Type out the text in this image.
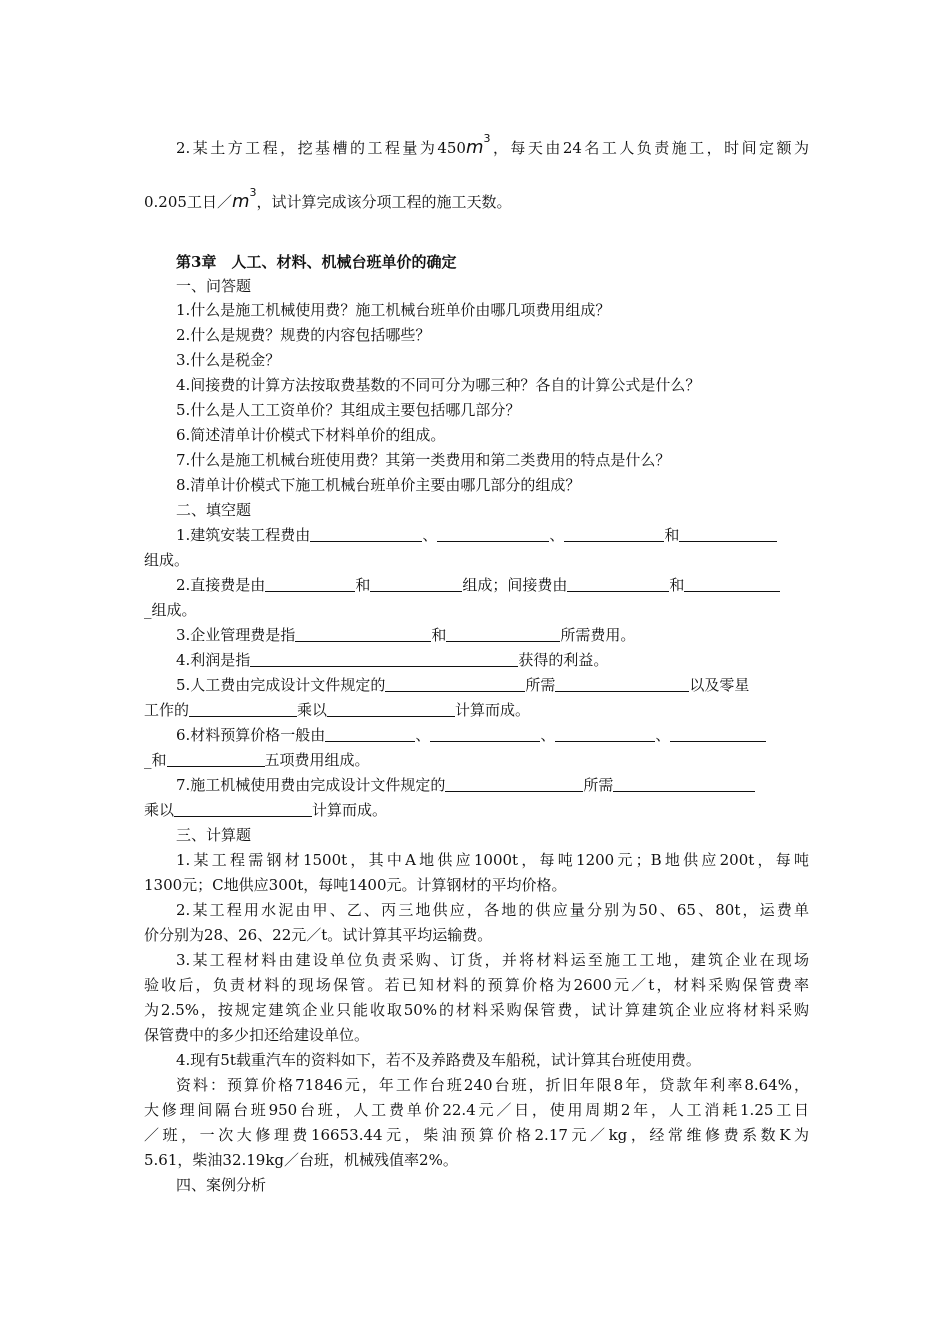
2.某土方工程，挖基槽的工程量为$450m^3$，每天由24名工人负责施工，时间定额为
0.205工日$/m^3$，试计算完成该分项工程的施工天数。
第3章　人工、材料、机械台班单价的确定
一、问答题
1.什么是施工机械使用费？施工机械台班单价由哪几项费用组成？
2.什么是规费？规费的内容包括哪些？
3.什么是税金？
4.间接费的计算方法按取费基数的不同可分为哪三种？各自的计算公式是什么？
5.什么是人工工资单价？其组成主要包括哪几部分？
6.简述清单计价模式下材料单价的组成。
7.什么是施工机械台班使用费？其第一类费用和第二类费用的特点是什么？
8.清单计价模式下施工机械台班单价主要由哪几部分的组成？
二、填空题
1.建筑安装工程费由	、	、	和
组成。
2.直接费是由	和	组成；间接费由	和
_组成。
3.企业管理费是指	和	所需费用。
4.利润是指	获得的利益。
5.人工费由完成设计文件规定的	所需	以及零星
工作的	乘以	计算而成。
6.材料预算价格一般由	、	、	、
_和	五项费用组成。
7.施工机械使用费由完成设计文件规定的	所需
乘以	计算而成。
三、计算题
1.某工程需钢材1500t，其中A地供应1000t，每吨1200元；B地供应200t，每吨
1300元；C地供应300t，每吨1400元。计算钢材的平均价格。
2.某工程用水泥由甲、乙、丙三地供应，各地的供应量分别为50、65、80t，运费单
价分别为28、26、22元／t。试计算其平均运输费。
3.某工程材料由建设单位负责采购、订货，并将材料运至施工工地，建筑企业在现场
验收后，负责材料的现场保管。若已知材料的预算价格为2600元／t，材料采购保管费率
为2.5%，按规定建筑企业只能收取50%的材料采购保管费，试计算建筑企业应将材料采购
保管费中的多少扣还给建设单位。
4.现有5t载重汽车的资料如下，若不及养路费及车船税，试计算其台班使用费。
资料：预算价格71846元，年工作台班240台班，折旧年限8年，贷款年利率8.64%，
大修理间隔台班950台班，人工费单价22.4元／日，使用周期2年，人工消耗1.25工日
／班，一次大修理费16653.44元，柴油预算价格2.17元／kg，经常维修费系数K为
5.61，柴油32.19kg／台班，机械残值率2%。
四、案例分析
